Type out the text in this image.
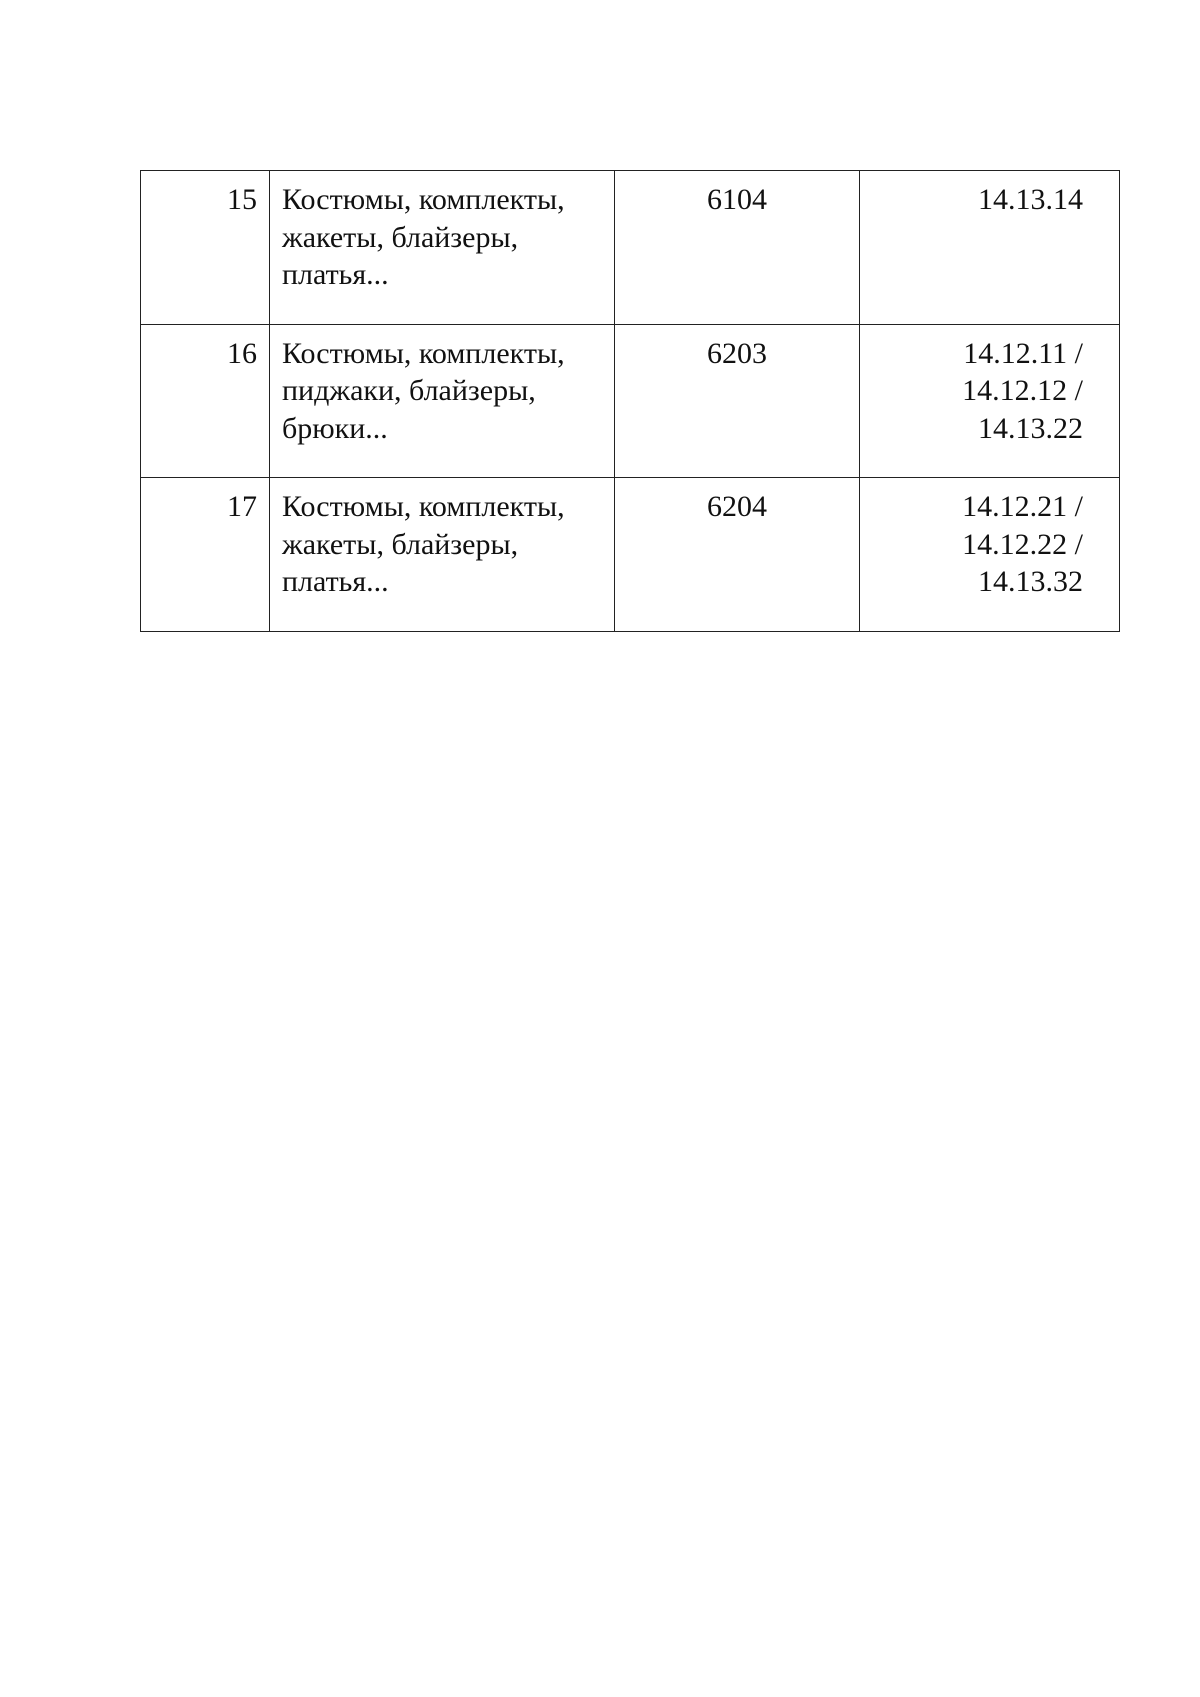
15	Костюмы, комплекты, жакеты, блайзеры, платья...	6104	14.13.14
16	Костюмы, комплекты, пиджаки, блайзеры, брюки...	6203	14.12.11 / 14.12.12 / 14.13.22
17	Костюмы, комплекты, жакеты, блайзеры, платья...	6204	14.12.21 / 14.12.22 / 14.13.32
